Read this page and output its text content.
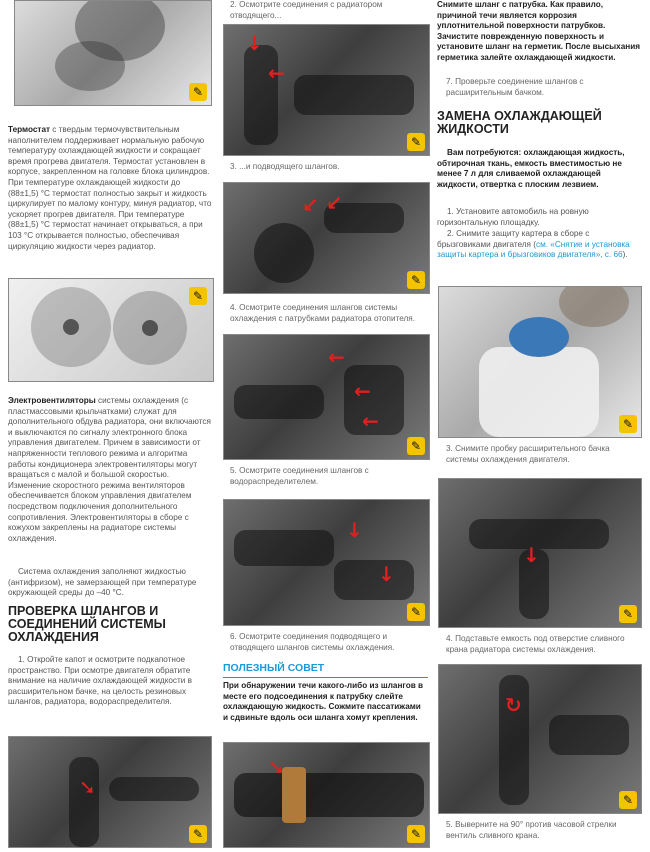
✎
Термостат с твердым термочувствительным наполнителем поддерживает нормальную рабочую температуру охлаждающей жидкости и сокращает время прогрева двигателя. Термостат установлен в корпусе, закрепленном на головке блока цилиндров. При температуре охлаждающей жидкости до (88±1,5) °С термостат полностью закрыт и жидкость циркулирует по малому контуру, минуя радиатор, что ускоряет прогрев двигателя. При температуре (88±1,5) °С термостат начинает открываться, а при 103 °С открывается полностью, обеспечивая циркуляцию жидкости через радиатор.
✎
Электровентиляторы системы охлаждения (с пластмассовыми крыльчатками) служат для дополнительного обдува радиатора, они включаются и выключаются по сигналу электронного блока управления двигателем. Причем в зависимости от напряженности теплового режима и алгоритма работы кондиционера электровентиляторы могут вращаться с малой и большой скоростью. Изменение скоростного режима вентиляторов обеспечивается блоком управления двигателем посредством подключения дополнительного сопротивления. Электровентиляторы в сборе с кожухом закреплены на радиаторе системы охлаждения.
Система охлаждения заполняют жидкостью (антифризом), не замерзающей при температуре окружающей среды до –40 °С.
ПРОВЕРКА ШЛАНГОВ И СОЕДИНЕНИЙ СИСТЕМЫ ОХЛАЖДЕНИЯ
1. Откройте капот и осмотрите подкапотное пространство. При осмотре двигателя обратите внимание на наличие охлаждающей жидкости в расширительном бачке, на целость резиновых шлангов, радиатора, водораспределителя.
➘
✎
2. Осмотрите соединения с радиатором отводящего...
↓
←
✎
3. ...и подводящего шлангов.
↙ ↙
✎
4. Осмотрите соединения шлангов системы охлаждения с патрубками радиатора отопителя.
←
←
←
✎
5. Осмотрите соединения шлангов с водораспределителем.
↓
↓
✎
6. Осмотрите соединения подводящего и отводящего шлангов системы охлаждения.
ПОЛЕЗНЫЙ СОВЕТ
При обнаружении течи какого-либо из шлангов в месте его подсоединения к патрубку слейте охлаждающую жидкость. Сожмите пассатижами и сдвиньте вдоль оси шланга хомут крепления.
➘
✎
Снимите шланг с патрубка. Как правило, причиной течи является коррозия уплотнительной поверхности патрубков. Зачистите поврежденную поверхность и установите шланг на герметик. После высыхания герметика залейте охлаждающей жидкости.
7. Проверьте соединение шлангов с расширительным бачком.
ЗАМЕНА ОХЛАЖДАЮЩЕЙ ЖИДКОСТИ
Вам потребуются: охлаждающая жидкость, обтирочная ткань, емкость вместимостью не менее 7 л для сливаемой охлаждающей жидкости, отвертка с плоским лезвием.
1. Установите автомобиль на ровную горизонтальную площадку.
2. Снимите защиту картера в сборе с брызговиками двигателя (см. «Снятие и установка защиты картера и брызговиков двигателя», с. 66).
✎
3. Снимите пробку расширительного бачка системы охлаждения двигателя.
↓
✎
4. Подставьте емкость под отверстие сливного крана радиатора системы охлаждения.
↻
✎
5. Выверните на 90° против часовой стрелки вентиль сливного крана.
